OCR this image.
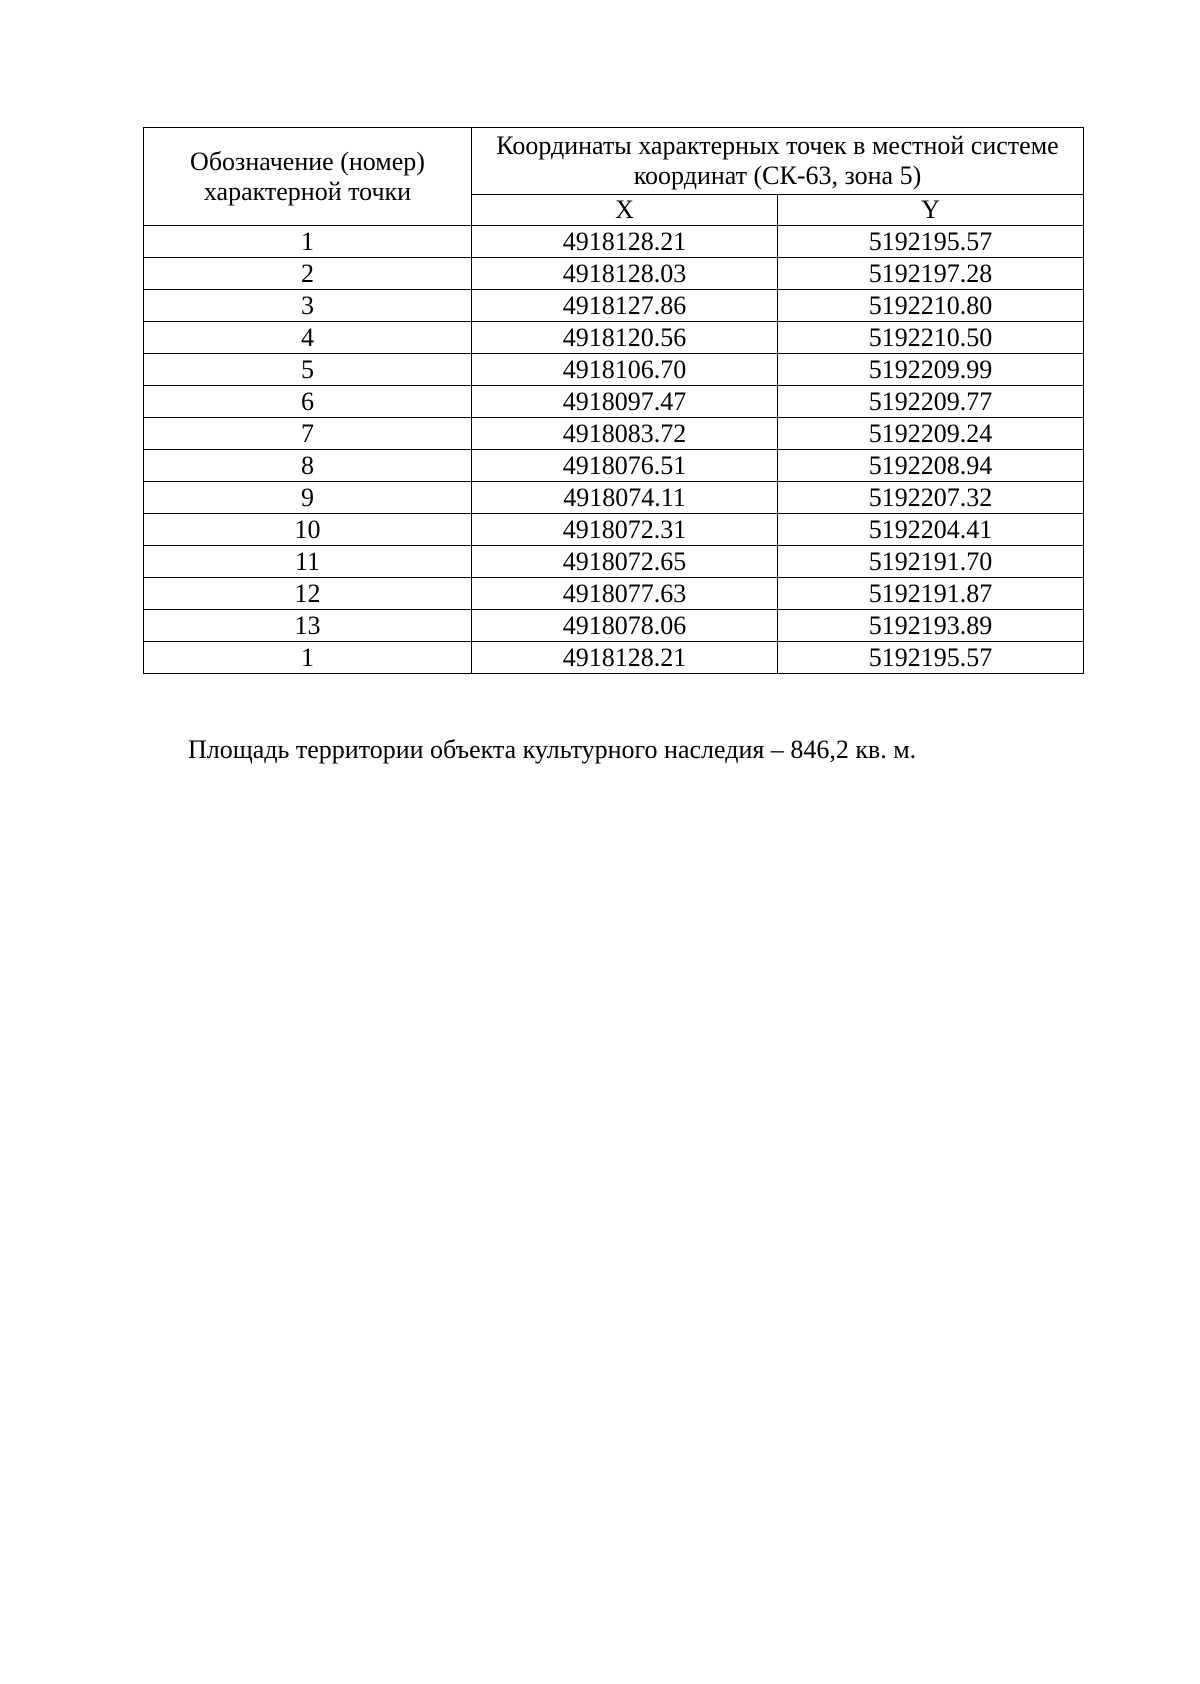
Обозначение (номер) характерной точки	Координаты характерных точек в местной системе координат (СК-63, зона 5)	
	X	Y
1	4918128.21	5192195.57
2	4918128.03	5192197.28
3	4918127.86	5192210.80
4	4918120.56	5192210.50
5	4918106.70	5192209.99
6	4918097.47	5192209.77
7	4918083.72	5192209.24
8	4918076.51	5192208.94
9	4918074.11	5192207.32
10	4918072.31	5192204.41
11	4918072.65	5192191.70
12	4918077.63	5192191.87
13	4918078.06	5192193.89
1	4918128.21	5192195.57
Площадь территории объекта культурного наследия – 846,2 кв. м.
